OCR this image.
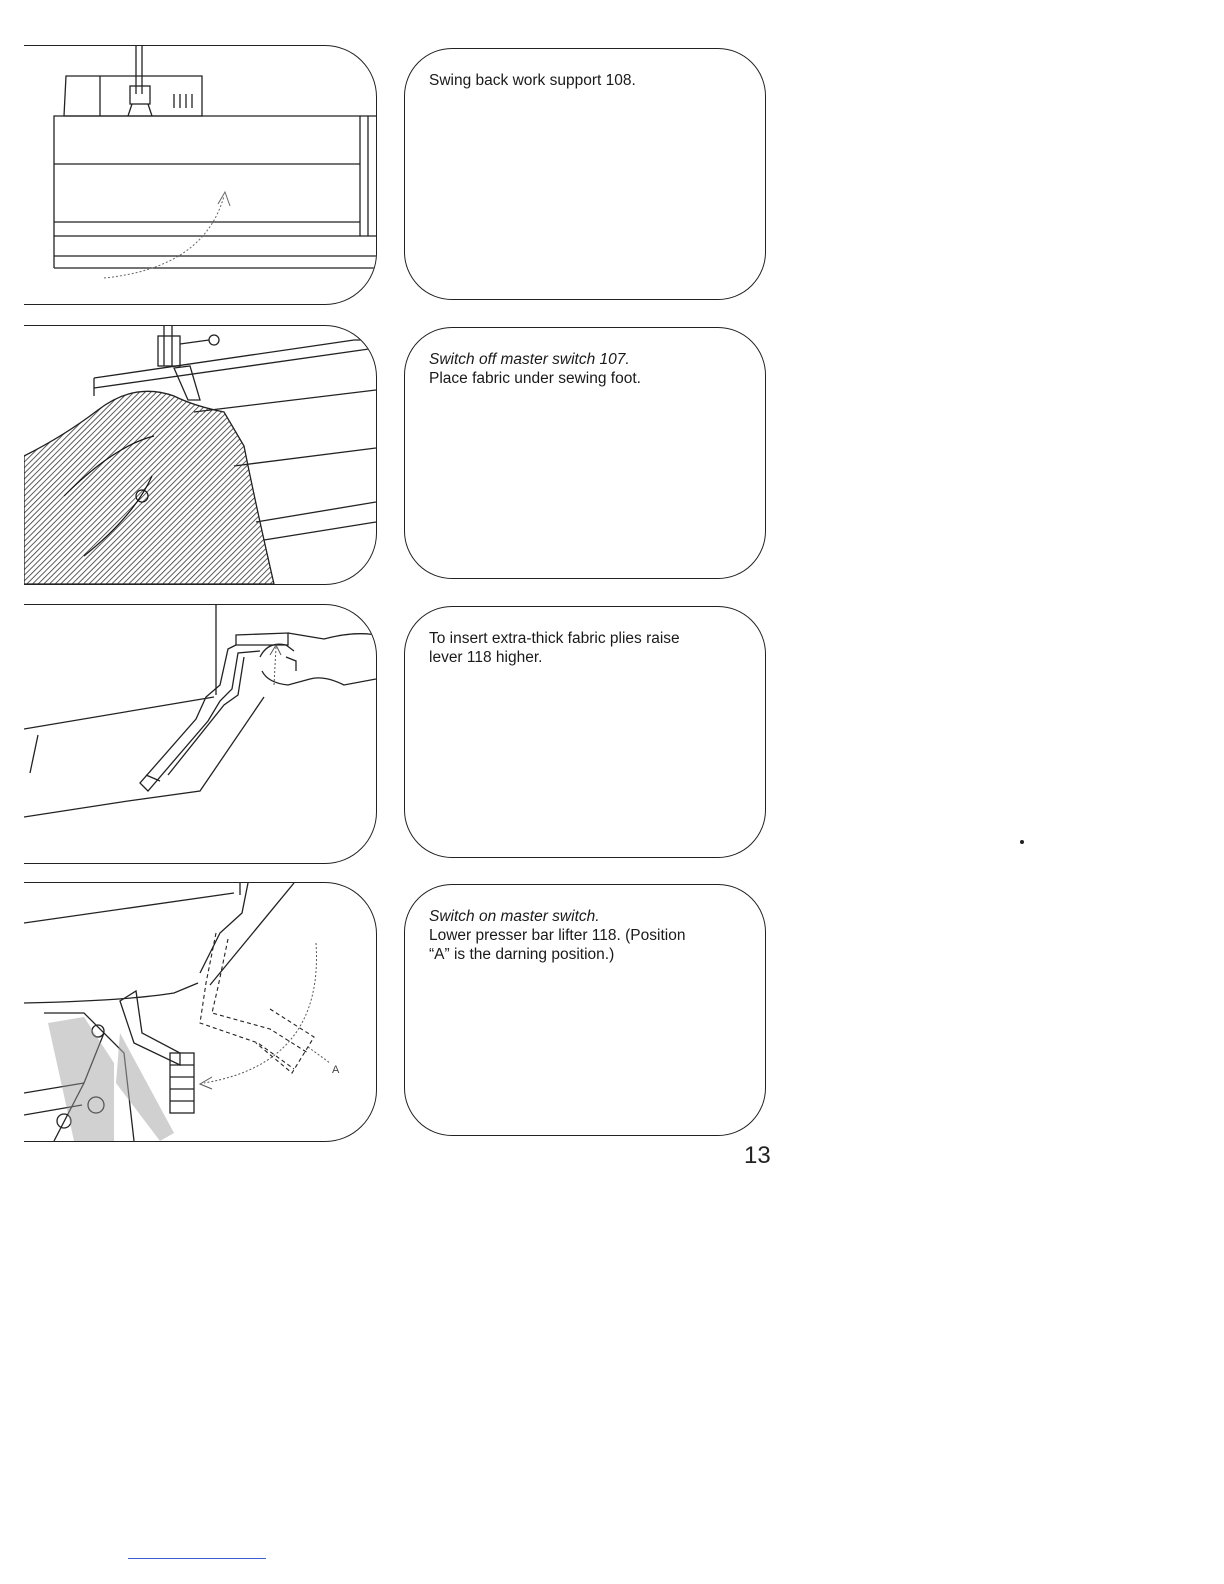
Swing back work support 108.

Switch off master switch 107.

Place fabric under sewing foot.

To insert extra-thick fabric plies raise

lever 118 higher.

A

Switch on master switch.

Lower presser bar lifter 118. (Position

“A” is the darning position.)

13
